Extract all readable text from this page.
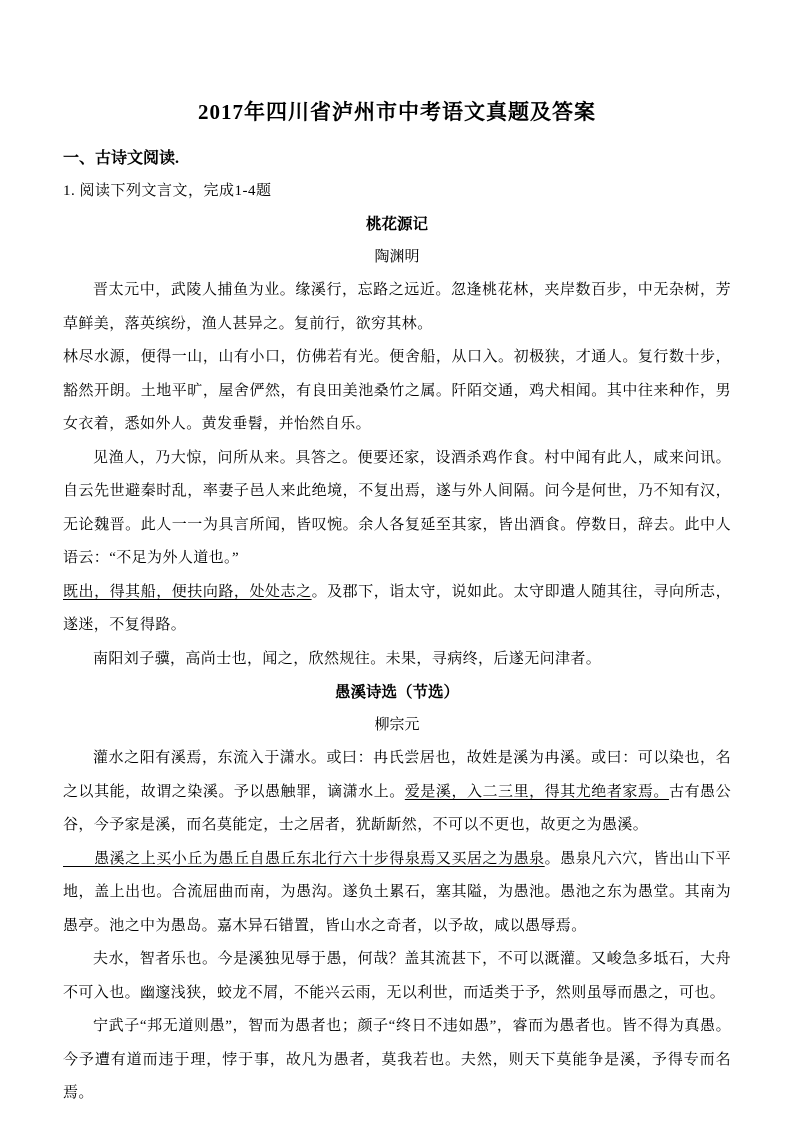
2017年四川省泸州市中考语文真题及答案

一、古诗文阅读.

1. 阅读下列文言文，完成1-4题

桃花源记

陶渊明

晋太元中，武陵人捕鱼为业。缘溪行，忘路之远近。忽逢桃花林，夹岸数百步，中无杂树，芳草鲜美，落英缤纷，渔人甚异之。复前行，欲穷其林。

林尽水源，便得一山，山有小口，仿佛若有光。便舍船，从口入。初极狭，才通人。复行数十步，豁然开朗。土地平旷，屋舍俨然，有良田美池桑竹之属。阡陌交通，鸡犬相闻。其中往来种作，男女衣着，悉如外人。黄发垂髫，并怡然自乐。

见渔人，乃大惊，问所从来。具答之。便要还家，设酒杀鸡作食。村中闻有此人，咸来问讯。自云先世避秦时乱，率妻子邑人来此绝境，不复出焉，遂与外人间隔。问今是何世，乃不知有汉，无论魏晋。此人一一为具言所闻，皆叹惋。余人各复延至其家，皆出酒食。停数日，辞去。此中人语云：“不足为外人道也。”

既出，得其船，便扶向路，处处志之。及郡下，诣太守，说如此。太守即遣人随其往，寻向所志，遂迷，不复得路。

南阳刘子骥，高尚士也，闻之，欣然规往。未果，寻病终，后遂无问津者。

愚溪诗选（节选）

柳宗元

灌水之阳有溪焉，东流入于潇水。或曰：冉氏尝居也，故姓是溪为冉溪。或曰：可以染也，名之以其能，故谓之染溪。予以愚触罪，谪潇水上。爱是溪，入二三里，得其尤绝者家焉。古有愚公谷，今予家是溪，而名莫能定，士之居者，犹龂龂然，不可以不更也，故更之为愚溪。

　　愚溪之上买小丘为愚丘自愚丘东北行六十步得泉焉又买居之为愚泉。愚泉凡六穴，皆出山下平地，盖上出也。合流屈曲而南，为愚沟。遂负土累石，塞其隘，为愚池。愚池之东为愚堂。其南为愚亭。池之中为愚岛。嘉木异石错置，皆山水之奇者，以予故，咸以愚辱焉。

夫水，智者乐也。今是溪独见辱于愚，何哉？盖其流甚下，不可以溉灌。又峻急多坻石，大舟不可入也。幽邃浅狭，蛟龙不屑，不能兴云雨，无以利世，而适类于予，然则虽辱而愚之，可也。

宁武子“邦无道则愚”，智而为愚者也；颜子“终日不违如愚”，睿而为愚者也。皆不得为真愚。今予遭有道而违于理，悖于事，故凡为愚者，莫我若也。夫然，则天下莫能争是溪，予得专而名焉。
